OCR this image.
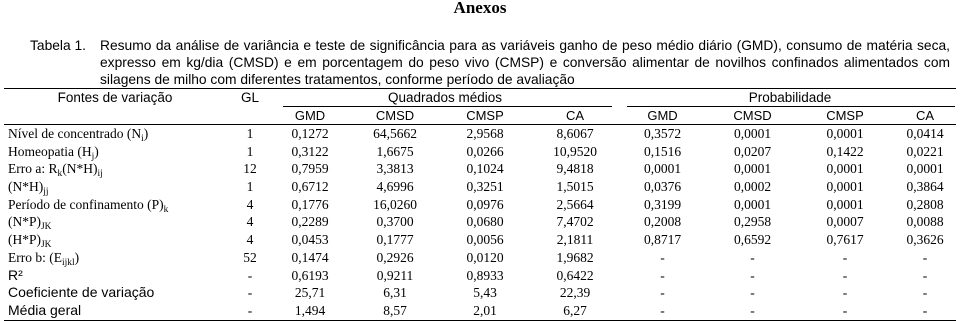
Anexos
Tabela 1. Resumo da análise de variância e teste de significância para as variáveis ganho de peso médio diário (GMD), consumo de matéria seca,
expresso em kg/dia (CMSD) e em porcentagem do peso vivo (CMSP) e conversão alimentar de novilhos confinados alimentados com
silagens de milho com diferentes tratamentos, conforme período de avaliação
Fontes de variação	GL	Quadrados médios	Probabilidade
GMD	CMSD	CMSP	CA	GMD	CMSD	CMSP	CA
Nível de concentrado $(N_i)$	1	0,1272	64,5662	2,9568	8,6067	0,3572	0,0001	0,0001	0,0414
Homeopatia $(H_j)$	1	0,3122	1,6675	0,0266	10,9520	0,1516	0,0207	0,1422	0,0221
Erro a: $R_k(N*H)_{ij}$	12	0,7959	3,3813	0,1024	9,4818	0,0001	0,0001	0,0001	0,0001
$(N*H)_{jj}$	1	0,6712	4,6996	0,3251	1,5015	0,0376	0,0002	0,0001	0,3864
Período de confinamento $(P)_k$	4	0,1776	16,0260	0,0976	2,5664	0,3199	0,0001	0,0001	0,2808
$(N*P)_{JK}$	4	0,2289	0,3700	0,0680	7,4702	0,2008	0,2958	0,0007	0,0088
$(H*P)_{JK}$	4	0,0453	0,1777	0,0056	2,1811	0,8717	0,6592	0,7617	0,3626
Erro b: $(E_{ijkl})$	52	0,1474	0,2926	0,0120	1,9682	-	-	-	-
R²	-	0,6193	0,9211	0,8933	0,6422	-	-	-	-
Coeficiente de variação	-	25,71	6,31	5,43	22,39	-	-	-	-
Média geral	-	1,494	8,57	2,01	6,27	-	-	-	-
